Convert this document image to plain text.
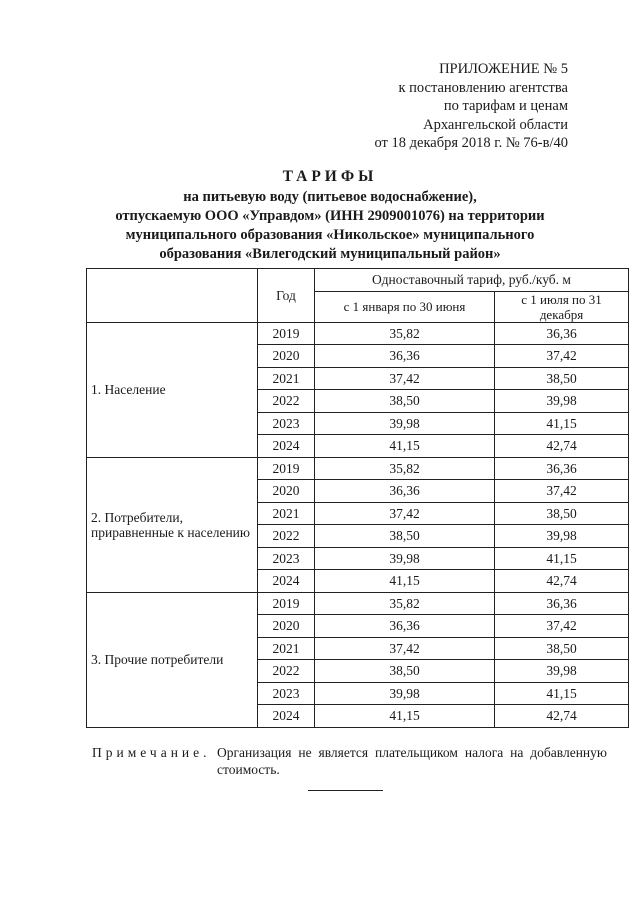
ПРИЛОЖЕНИЕ № 5
к постановлению агентства
по тарифам и ценам
Архангельской области
от 18 декабря 2018 г. № 76-в/40
ТАРИФЫ
на питьевую воду (питьевое водоснабжение),
отпускаемую ООО «Управдом» (ИНН 2909001076) на территории
муниципального образования «Никольское» муниципального
образования «Вилегодский муниципальный район»
	Год	Одноставочный тариф, руб./куб. м	
		с 1 января по 30 июня	с 1 июля по 31 декабря
1. Население	2019	35,82	36,36
	2020	36,36	37,42
	2021	37,42	38,50
	2022	38,50	39,98
	2023	39,98	41,15
	2024	41,15	42,74
2. Потребители, приравненные к населению	2019	35,82	36,36
	2020	36,36	37,42
	2021	37,42	38,50
	2022	38,50	39,98
	2023	39,98	41,15
	2024	41,15	42,74
3. Прочие потребители	2019	35,82	36,36
	2020	36,36	37,42
	2021	37,42	38,50
	2022	38,50	39,98
	2023	39,98	41,15
	2024	41,15	42,74
Примечание. Организация не является плательщиком налога на добавленную стоимость.
